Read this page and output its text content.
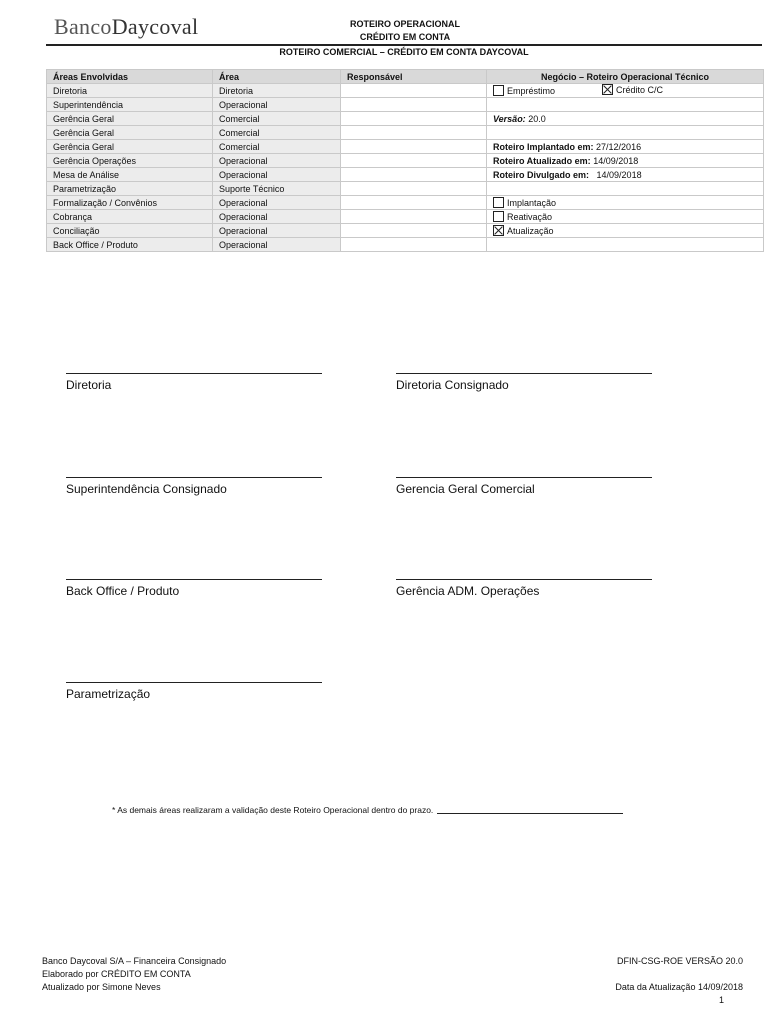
BancoDaycoval	ROTEIRO OPERACIONAL
CRÉDITO EM CONTA
ROTEIRO COMERCIAL – CRÉDITO EM CONTA DAYCOVAL
Áreas Envolvidas	Área	Responsável	Negócio – Roteiro Operacional Técnico
Diretoria	Diretoria		Empréstimo Crédito C/C

Superintendência	Operacional		
Gerência Geral	Comercial		Versão: 20.0
Gerência Geral	Comercial		
Gerência Geral	Comercial		Roteiro Implantado em: 27/12/2016
Gerência Operações	Operacional		Roteiro Atualizado em: 14/09/2018
Mesa de Análise	Operacional		Roteiro Divulgado em: 14/09/2018
Parametrização	Suporte Técnico		
Formalização / Convênios	Operacional		Implantação
Cobrança	Operacional		Reativação
Conciliação	Operacional		Atualização
Back Office / Produto	Operacional		
Diretoria	Diretoria Consignado
Superintendência Consignado	Gerencia Geral Comercial
Back Office / Produto	Gerência ADM. Operações
Parametrização
* As demais áreas realizaram a validação deste Roteiro Operacional dentro do prazo.
Banco Daycoval S/A – Financeira Consignado
Elaborado por CRÉDITO EM CONTA
Atualizado por Simone Neves
DFIN-CSG-ROE VERSÃO 20.0
Data da Atualização 14/09/2018
1
